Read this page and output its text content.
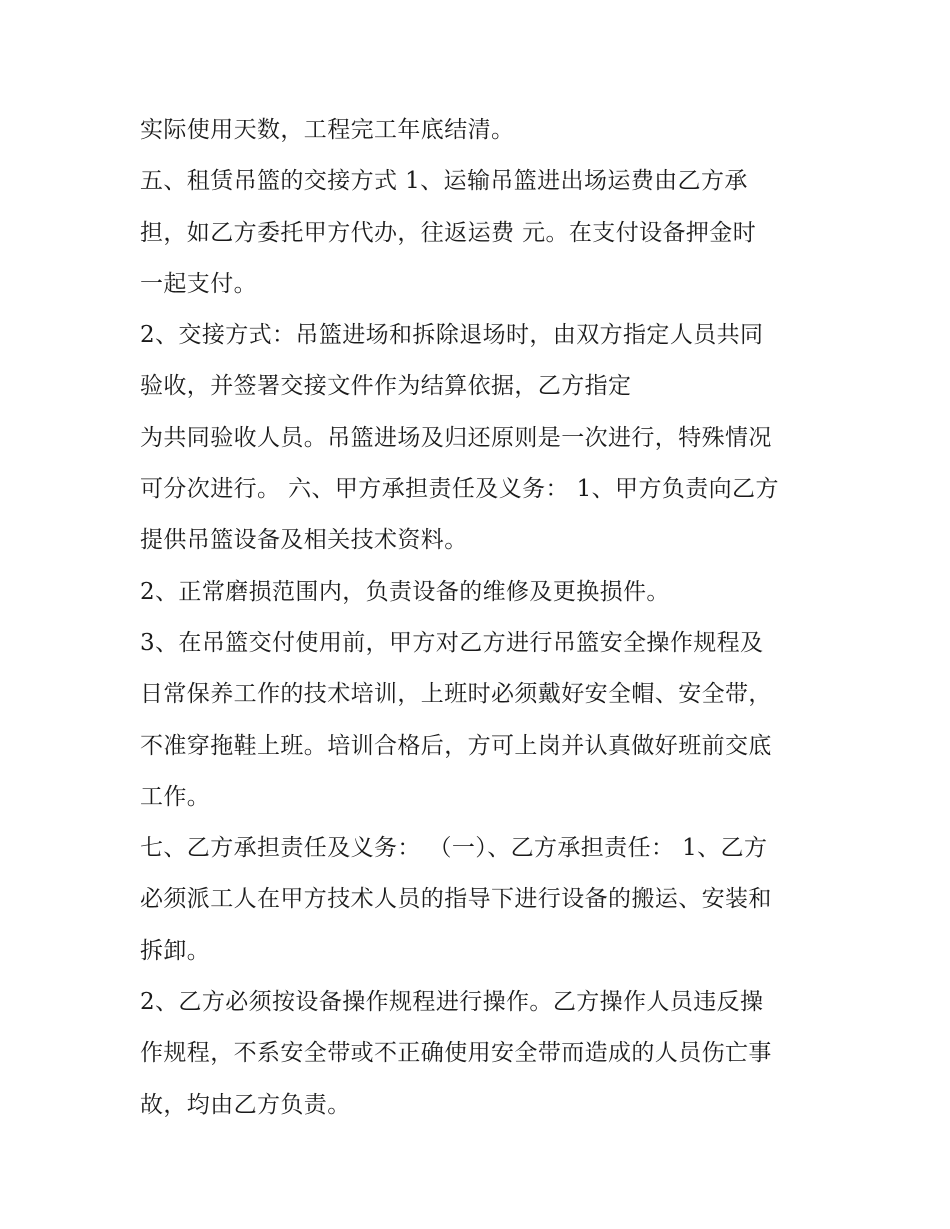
实际使用天数，工程完工年底结清。
五、租赁吊篮的交接方式 1、运输吊篮进出场运费由乙方承
担，如乙方委托甲方代办，往返运费 元。在支付设备押金时
一起支付。
2、交接方式：吊篮进场和拆除退场时，由双方指定人员共同
验收，并签署交接文件作为结算依据，乙方指定
为共同验收人员。吊篮进场及归还原则是一次进行，特殊情况
可分次进行。 六、甲方承担责任及义务： 1、甲方负责向乙方
提供吊篮设备及相关技术资料。
2、正常磨损范围内，负责设备的维修及更换损件。
3、在吊篮交付使用前，甲方对乙方进行吊篮安全操作规程及
日常保养工作的技术培训，上班时必须戴好安全帽、安全带，
不准穿拖鞋上班。培训合格后，方可上岗并认真做好班前交底
工作。
七、乙方承担责任及义务： （一）、乙方承担责任： 1、乙方
必须派工人在甲方技术人员的指导下进行设备的搬运、安装和
拆卸。
2、乙方必须按设备操作规程进行操作。乙方操作人员违反操
作规程，不系安全带或不正确使用安全带而造成的人员伤亡事
故，均由乙方负责。
